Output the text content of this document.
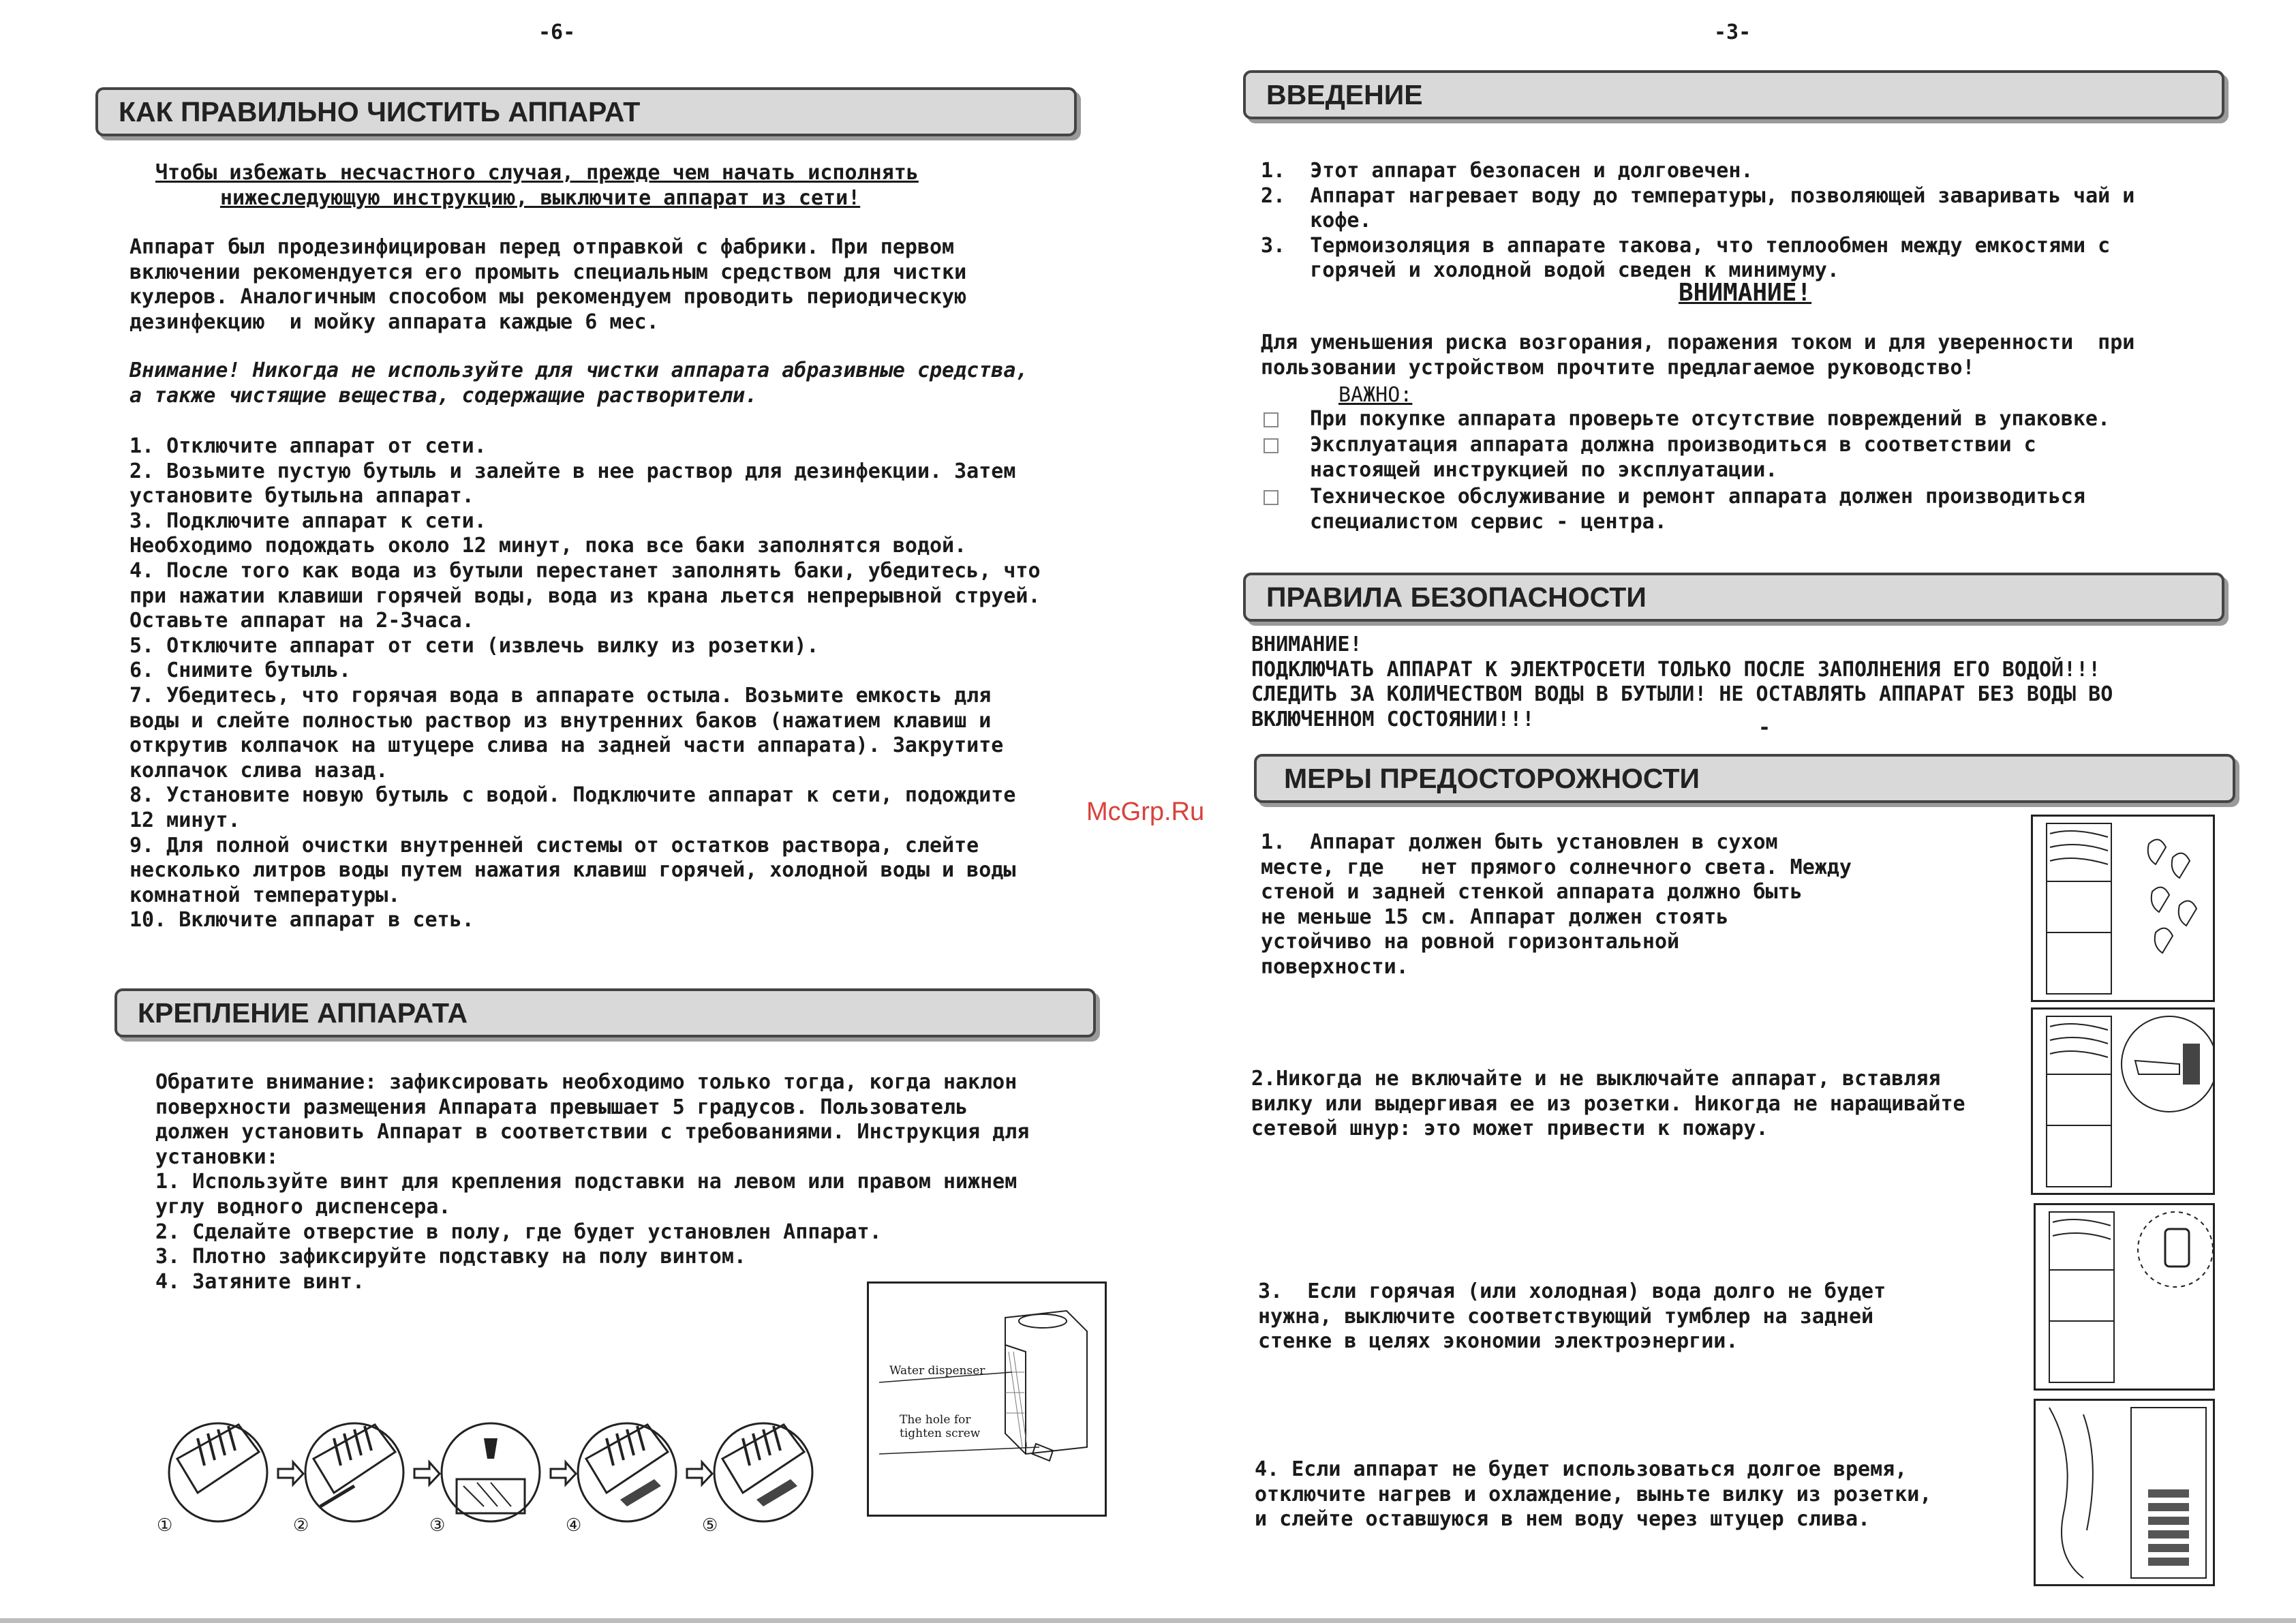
-6-
КАК ПРАВИЛЬНО ЧИСТИТЬ АППАРАТ
Чтобы избежать несчастного случая, прежде чем начать исполнять
нижеследующую инструкцию, выключите аппарат из сети!
Аппарат был продезинфицирован перед отправкой с фабрики. При первом
включении рекомендуется его промыть специальным средством для чистки
кулеров. Аналогичным способом мы рекомендуем проводить периодическую
дезинфекцию  и мойку аппарата каждые 6 мес.
Внимание! Никогда не используйте для чистки аппарата абразивные средства,
а также чистящие вещества, содержащие растворители.
1. Отключите аппарат от сети.
2. Возьмите пустую бутыль и залейте в нее раствор для дезинфекции. Затем
установите бутыльна аппарат.
3. Подключите аппарат к сети.
Необходимо подождать около 12 минут, пока все баки заполнятся водой.
4. После того как вода из бутыли перестанет заполнять баки, убедитесь, что
при нажатии клавиши горячей воды, вода из крана льется непрерывной струей.
Оставьте аппарат на 2-3часа.
5. Отключите аппарат от сети (извлечь вилку из розетки).
6. Снимите бутыль.
7. Убедитесь, что горячая вода в аппарате остыла. Возьмите емкость для
воды и слейте полностью раствор из внутренних баков (нажатием клавиш и
открутив колпачок на штуцере слива на задней части аппарата). Закрутите
колпачок слива назад.
8. Установите новую бутыль с водой. Подключите аппарат к сети, подождите
12 минут.
9. Для полной очистки внутренней системы от остатков раствора, слейте
несколько литров воды путем нажатия клавиш горячей, холодной воды и воды
комнатной температуры.
10. Включите аппарат в сеть.
КРЕПЛЕНИЕ АППАРАТА
Обратите внимание: зафиксировать необходимо только тогда, когда наклон
поверхности размещения Аппарата превышает 5 градусов. Пользователь
должен установить Аппарат в соответствии с требованиями. Инструкция для
установки:
1. Используйте винт для крепления подставки на левом или правом нижнем
углу водного диспенсера.
2. Сделайте отверстие в полу, где будет установлен Аппарат.
3. Плотно зафиксируйте подставку на полу винтом.
4. Затяните винт.
①	②	③	④	⑤
Water dispenser
The hole for
tighten screw
McGrp.Ru
-3-
ВВЕДЕНИЕ
1.  Этот аппарат безопасен и долговечен.
2.  Аппарат нагревает воду до температуры, позволяющей заваривать чай и
кофе.
3.  Термоизоляция в аппарате такова, что теплообмен между емкостями с
горячей и холодной водой сведен к минимуму.
ВНИМАНИЕ!
Для уменьшения риска возгорания, поражения током и для уверенности  при
пользовании устройством прочтите предлагаемое руководство!
ВАЖНО:
При покупке аппарата проверьте отсутствие повреждений в упаковке.
Эксплуатация аппарата должна производиться в соответствии с
настоящей инструкцией по эксплуатации.
Техническое обслуживание и ремонт аппарата должен производиться
специалистом сервис - центра.
ПРАВИЛА БЕЗОПАСНОСТИ
ВНИМАНИЕ!
ПОДКЛЮЧАТЬ АППАРАТ К ЭЛЕКТРОСЕТИ ТОЛЬКО ПОСЛЕ ЗАПОЛНЕНИЯ ЕГО ВОДОЙ!!!
СЛЕДИТЬ ЗА КОЛИЧЕСТВОМ ВОДЫ В БУТЫЛИ! НЕ ОСТАВЛЯТЬ АППАРАТ БЕЗ ВОДЫ ВО
ВКЛЮЧЕННОМ СОСТОЯНИИ!!!	-
МЕРЫ ПРЕДОСТОРОЖНОСТИ
1.  Аппарат должен быть установлен в сухом
месте, где   нет прямого солнечного света. Между
стеной и задней стенкой аппарата должно быть
не меньше 15 см. Аппарат должен стоять
устойчиво на ровной горизонтальной
поверхности.
2.Никогда не включайте и не выключайте аппарат, вставляя
вилку или выдергивая ее из розетки. Никогда не наращивайте
сетевой шнур: это может привести к пожару.
3.  Если горячая (или холодная) вода долго не будет
нужна, выключите соответствующий тумблер на задней
стенке в целях экономии электроэнергии.
4. Если аппарат не будет использоваться долгое время,
отключите нагрев и охлаждение, выньте вилку из розетки,
и слейте оставшуюся в нем воду через штуцер слива.
